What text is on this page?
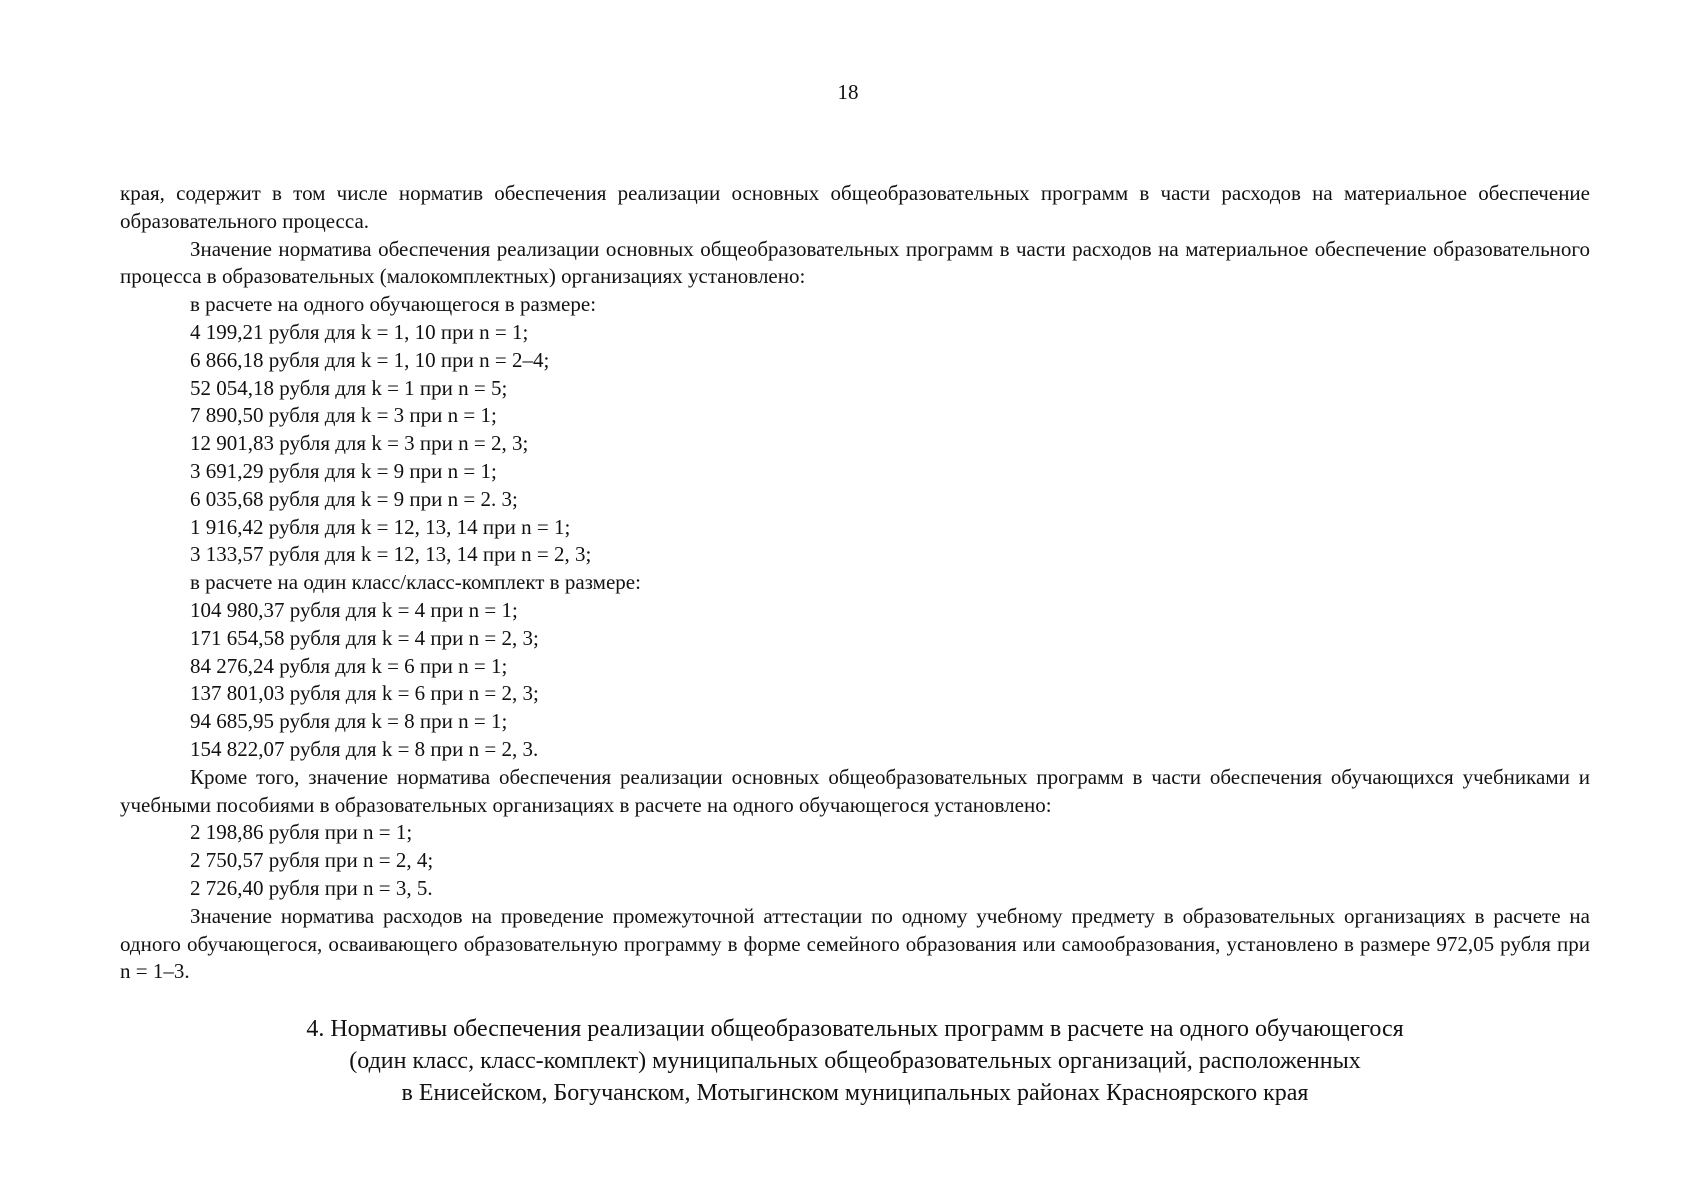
18

края, содержит в том числе норматив обеспечения реализации основных общеобразовательных программ в части расходов на материальное обеспечение образовательного процесса.

Значение норматива обеспечения реализации основных общеобразовательных программ в части расходов на материальное обеспечение образовательного процесса в образовательных (малокомплектных) организациях установлено:

в расчете на одного обучающегося в размере:

4 199,21 рубля для k = 1, 10 при n = 1;

6 866,18 рубля для k = 1, 10 при n = 2–4;

52 054,18 рубля для k = 1 при n = 5;

7 890,50 рубля для k = 3 при n = 1;

12 901,83 рубля для k = 3 при n = 2, 3;

3 691,29 рубля для k = 9 при n = 1;

6 035,68 рубля для k = 9 при n = 2. 3;

1 916,42 рубля для k = 12, 13, 14 при n = 1;

3 133,57 рубля для k = 12, 13, 14 при n = 2, 3;

в расчете на один класс/класс-комплект в размере:

104 980,37 рубля для k = 4 при n = 1;

171 654,58 рубля для k = 4 при n = 2, 3;

84 276,24 рубля для k = 6 при n = 1;

137 801,03 рубля для k = 6 при n = 2, 3;

94 685,95 рубля для k = 8 при n = 1;

154 822,07 рубля для k = 8 при n = 2, 3.

Кроме того, значение норматива обеспечения реализации основных общеобразовательных программ в части обеспечения обучающихся учебниками и учебными пособиями в образовательных организациях в расчете на одного обучающегося установлено:

2 198,86 рубля при n = 1;

2 750,57 рубля при n = 2, 4;

2 726,40 рубля при n = 3, 5.

Значение норматива расходов на проведение промежуточной аттестации по одному учебному предмету в образовательных организациях в расчете на одного обучающегося, осваивающего образовательную программу в форме семейного образования или самообразования, установлено в размере 972,05 рубля при n = 1–3.

4. Нормативы обеспечения реализации общеобразовательных программ в расчете на одного обучающегося
(один класс, класс-комплект) муниципальных общеобразовательных организаций, расположенных
в Енисейском, Богучанском, Мотыгинском муниципальных районах Красноярского края
